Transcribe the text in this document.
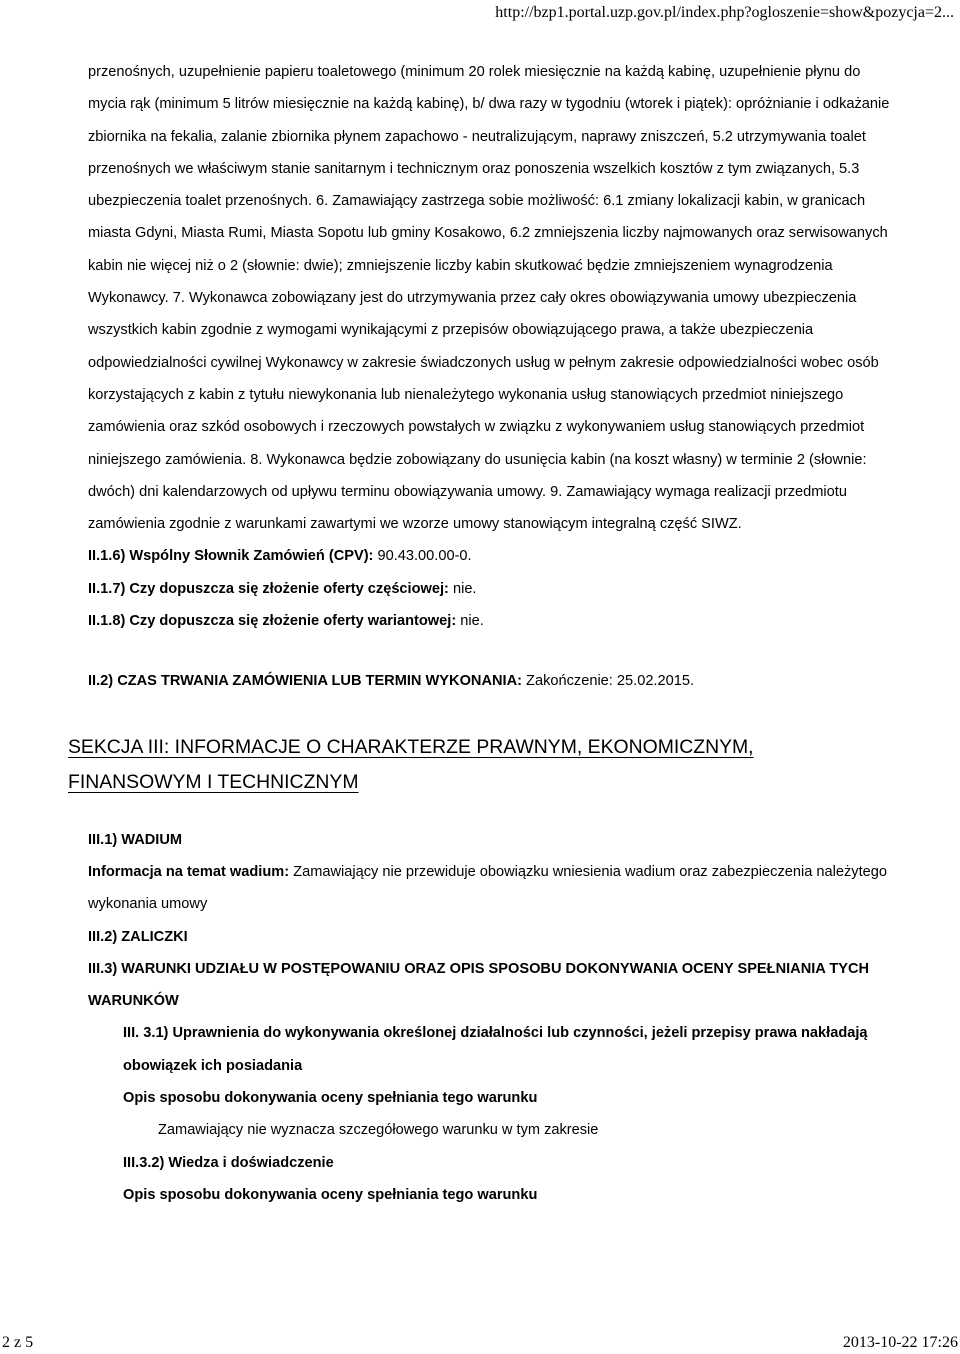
http://bzp1.portal.uzp.gov.pl/index.php?ogloszenie=show&pozycja=2...

przenośnych, uzupełnienie papieru toaletowego (minimum 20 rolek miesięcznie na każdą kabinę, uzupełnienie płynu do mycia rąk (minimum 5 litrów miesięcznie na każdą kabinę), b/ dwa razy w tygodniu (wtorek i piątek): opróżnianie i odkażanie zbiornika na fekalia, zalanie zbiornika płynem zapachowo - neutralizującym, naprawy zniszczeń, 5.2 utrzymywania toalet przenośnych we właściwym stanie sanitarnym i technicznym oraz ponoszenia wszelkich kosztów z tym związanych, 5.3 ubezpieczenia toalet przenośnych. 6. Zamawiający zastrzega sobie możliwość: 6.1 zmiany lokalizacji kabin, w granicach miasta Gdyni, Miasta Rumi, Miasta Sopotu lub gminy Kosakowo, 6.2 zmniejszenia liczby najmowanych oraz serwisowanych kabin nie więcej niż o 2 (słownie: dwie); zmniejszenie liczby kabin skutkować będzie zmniejszeniem wynagrodzenia Wykonawcy. 7. Wykonawca zobowiązany jest do utrzymywania przez cały okres obowiązywania umowy ubezpieczenia wszystkich kabin zgodnie z wymogami wynikającymi z przepisów obowiązującego prawa, a także ubezpieczenia odpowiedzialności cywilnej Wykonawcy w zakresie świadczonych usług w pełnym zakresie odpowiedzialności wobec osób korzystających z kabin z tytułu niewykonania lub nienależytego wykonania usług stanowiących przedmiot niniejszego zamówienia oraz szkód osobowych i rzeczowych powstałych w związku z wykonywaniem usług stanowiących przedmiot niniejszego zamówienia. 8. Wykonawca będzie zobowiązany do usunięcia kabin (na koszt własny) w terminie 2 (słownie: dwóch) dni kalendarzowych od upływu terminu obowiązywania umowy. 9. Zamawiający wymaga realizacji przedmiotu zamówienia zgodnie z warunkami zawartymi we wzorze umowy stanowiącym integralną część SIWZ.

II.1.6) Wspólny Słownik Zamówień (CPV): 90.43.00.00-0.

II.1.7) Czy dopuszcza się złożenie oferty częściowej: nie.

II.1.8) Czy dopuszcza się złożenie oferty wariantowej: nie.

II.2) CZAS TRWANIA ZAMÓWIENIA LUB TERMIN WYKONANIA: Zakończenie: 25.02.2015.

SEKCJA III: INFORMACJE O CHARAKTERZE PRAWNYM, EKONOMICZNYM,

FINANSOWYM I TECHNICZNYM

III.1) WADIUM

Informacja na temat wadium: Zamawiający nie przewiduje obowiązku wniesienia wadium oraz zabezpieczenia należytego wykonania umowy

III.2) ZALICZKI

III.3) WARUNKI UDZIAŁU W POSTĘPOWANIU ORAZ OPIS SPOSOBU DOKONYWANIA OCENY SPEŁNIANIA TYCH WARUNKÓW

III. 3.1) Uprawnienia do wykonywania określonej działalności lub czynności, jeżeli przepisy prawa nakładają obowiązek ich posiadania

Opis sposobu dokonywania oceny spełniania tego warunku

Zamawiający nie wyznacza szczegółowego warunku w tym zakresie

III.3.2) Wiedza i doświadczenie

Opis sposobu dokonywania oceny spełniania tego warunku

2 z 5	2013-10-22 17:26
